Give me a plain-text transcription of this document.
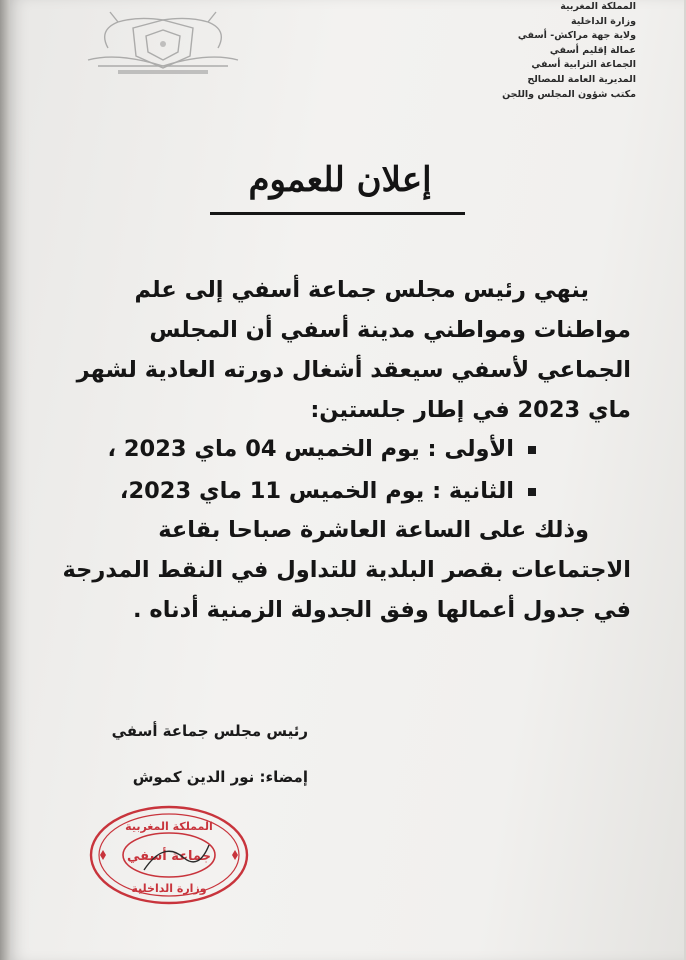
المملكة المغربية
وزارة الداخلية
ولاية جهة مراكش- أسفي
عمالة إقليم أسفي
الجماعة الترابية أسفي
المديرية العامة للمصالح
مكتب شؤون المجلس واللجن
إعلان للعموم

ينهي رئيس مجلس جماعة أسفي إلى علم

مواطنات ومواطني مدينة أسفي أن المجلس

الجماعي لأسفي سيعقد أشغال دورته العادية لشهر

ماي 2023 في إطار جلستين:

الأولى : يوم الخميس 04 ماي 2023 ،
الثانية : يوم الخميس 11 ماي 2023،

وذلك على الساعة العاشرة صباحا بقاعة

الاجتماعات بقصر البلدية للتداول في النقط المدرجة

في جدول أعمالها وفق الجدولة الزمنية أدناه .

رئيس مجلس جماعة أسفي
إمضاء: نور الدين كموش
المملكة المغربية
جماعة أسفي
وزارة الداخلية
